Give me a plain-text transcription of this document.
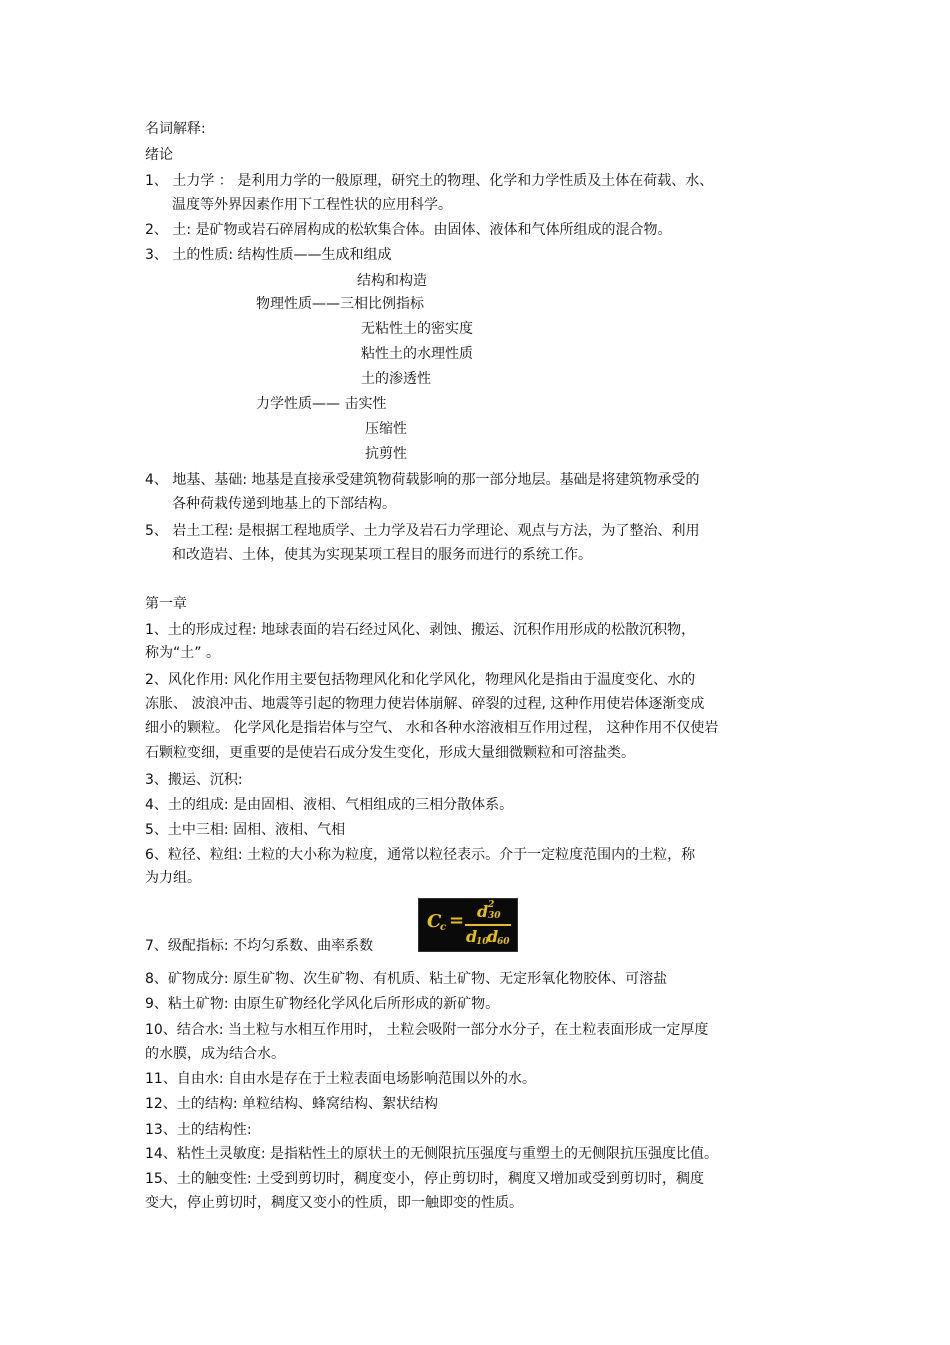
名词解释:

绪论

1、 土力学 ： 是利用力学的一般原理，研究土的物理、化学和力学性质及土体在荷载、水、

温度等外界因素作用下工程性状的应用科学。

2、 土: 是矿物或岩石碎屑构成的松软集合体。由固体、液体和气体所组成的混合物。

3、 土的性质: 结构性质——生成和组成

结构和构造

物理性质——三相比例指标

无粘性土的密实度

粘性土的水理性质

土的渗透性

力学性质—— 击实性

压缩性

抗剪性

4、 地基、基础: 地基是直接承受建筑物荷载影响的那一部分地层。基础是将建筑物承受的

各种荷栽传递到地基上的下部结构。

5、 岩土工程: 是根据工程地质学、土力学及岩石力学理论、观点与方法，为了整治、利用

和改造岩、土体，使其为实现某项工程目的服务而进行的系统工作。

第一章

1、土的形成过程: 地球表面的岩石经过风化、剥蚀、搬运、沉积作用形成的松散沉积物，

称为“土” 。

2、风化作用: 风化作用主要包括物理风化和化学风化，物理风化是指由于温度变化、水的

冻胀、 波浪冲击、地震等引起的物理力使岩体崩解、碎裂的过程, 这种作用使岩体逐渐变成

细小的颗粒。 化学风化是指岩体与空气、 水和各种水溶液相互作用过程， 这种作用不仅使岩

石颗粒变细，更重要的是使岩石成分发生变化，形成大量细微颗粒和可溶盐类。

3、搬运、沉积:

4、土的组成: 是由固相、液相、气相组成的三相分散体系。

5、土中三相: 固相、液相、气相

6、粒径、粒组: 土粒的大小称为粒度，通常以粒径表示。介于一定粒度范围内的土粒，称

为力组。

7、级配指标: 不均匀系数、曲率系数

8、矿物成分: 原生矿物、次生矿物、有机质、粘土矿物、无定形氧化物胶体、可溶盐

9、粘土矿物: 由原生矿物经化学风化后所形成的新矿物。

10、结合水: 当土粒与水相互作用时， 土粒会吸附一部分水分子，在土粒表面形成一定厚度

的水膜，成为结合水。

11、自由水: 自由水是存在于土粒表面电场影响范围以外的水。

12、土的结构: 单粒结构、蜂窝结构、絮状结构

13、土的结构性:

14、粘性土灵敏度: 是指粘性土的原状土的无侧限抗压强度与重塑土的无侧限抗压强度比值。

15、土的触变性: 土受到剪切时，稠度变小，停止剪切时，稠度又增加或受到剪切时，稠度

变大，停止剪切时，稠度又变小的性质，即一触即变的性质。

C
c = d 2
30
d
10
d
60
